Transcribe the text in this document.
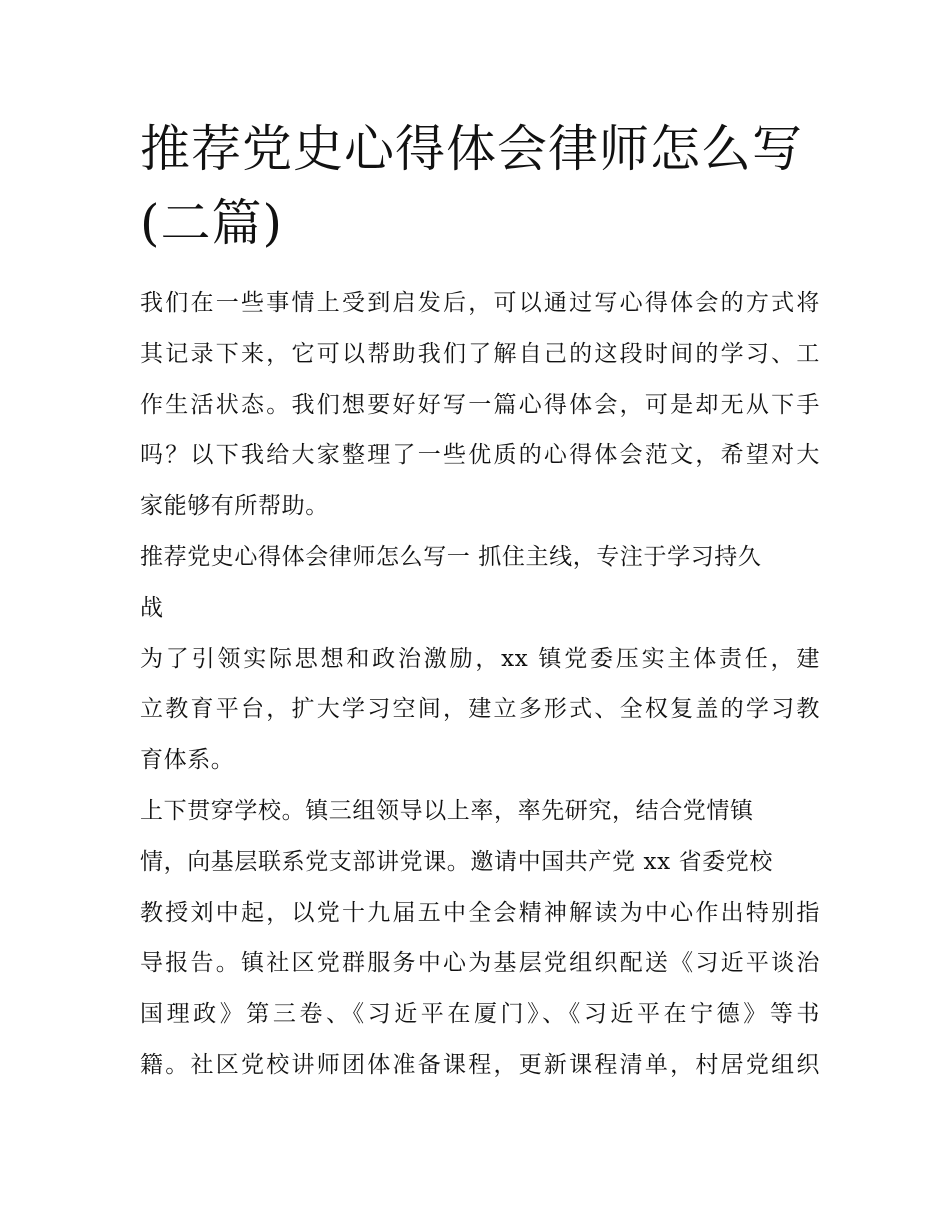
推荐党史心得体会律师怎么写
(二篇)

我们在一些事情上受到启发后，可以通过写心得体会的方式将
其记录下来，它可以帮助我们了解自己的这段时间的学习、工
作生活状态。我们想要好好写一篇心得体会，可是却无从下手
吗？以下我给大家整理了一些优质的心得体会范文，希望对大
家能够有所帮助。

推荐党史心得体会律师怎么写一 抓住主线，专注于学习持久
战

为了引领实际思想和政治激励，xx 镇党委压实主体责任，建
立教育平台，扩大学习空间，建立多形式、全权复盖的学习教
育体系。

上下贯穿学校。镇三组领导以上率，率先研究，结合党情镇
情，向基层联系党支部讲党课。邀请中国共产党 xx 省委党校
教授刘中起，以党十九届五中全会精神解读为中心作出特别指
导报告。镇社区党群服务中心为基层党组织配送《习近平谈治
国理政》第三卷、《习近平在厦门》、《习近平在宁德》等书
籍。社区党校讲师团体准备课程，更新课程清单，村居党组织
